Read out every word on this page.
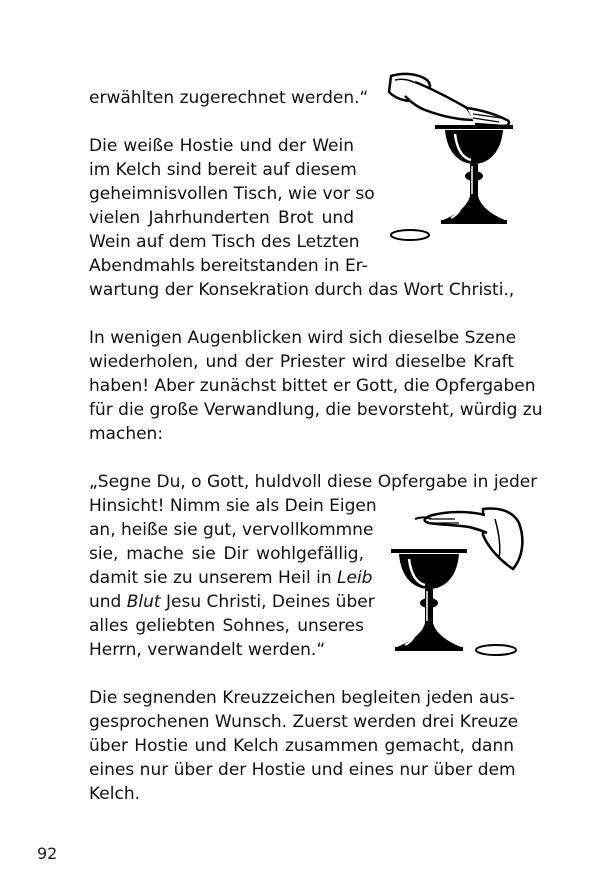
erwählten zugerechnet werden.“
Die weiße Hostie und der Wein
im Kelch sind bereit auf diesem
geheimnisvollen Tisch, wie vor so
vielen Jahrhunderten Brot und
Wein auf dem Tisch des Letzten
Abendmahls bereitstanden in Er-
wartung der Konsekration durch das Wort Christi.,
In wenigen Augenblicken wird sich dieselbe Szene
wiederholen, und der Priester wird dieselbe Kraft
haben! Aber zunächst bittet er Gott, die Opfergaben
für die große Verwandlung, die bevorsteht, würdig zu
machen:
„Segne Du, o Gott, huldvoll diese Opfergabe in jeder
Hinsicht! Nimm sie als Dein Eigen
an, heiße sie gut, vervollkommne
sie, mache sie Dir wohlgefällig,
damit sie zu unserem Heil in Leib
und Blut Jesu Christi, Deines über
alles geliebten Sohnes, unseres
Herrn, verwandelt werden.“
Die segnenden Kreuzzeichen begleiten jeden aus-
gesprochenen Wunsch. Zuerst werden drei Kreuze
über Hostie und Kelch zusammen gemacht, dann
eines nur über der Hostie und eines nur über dem
Kelch.
92
